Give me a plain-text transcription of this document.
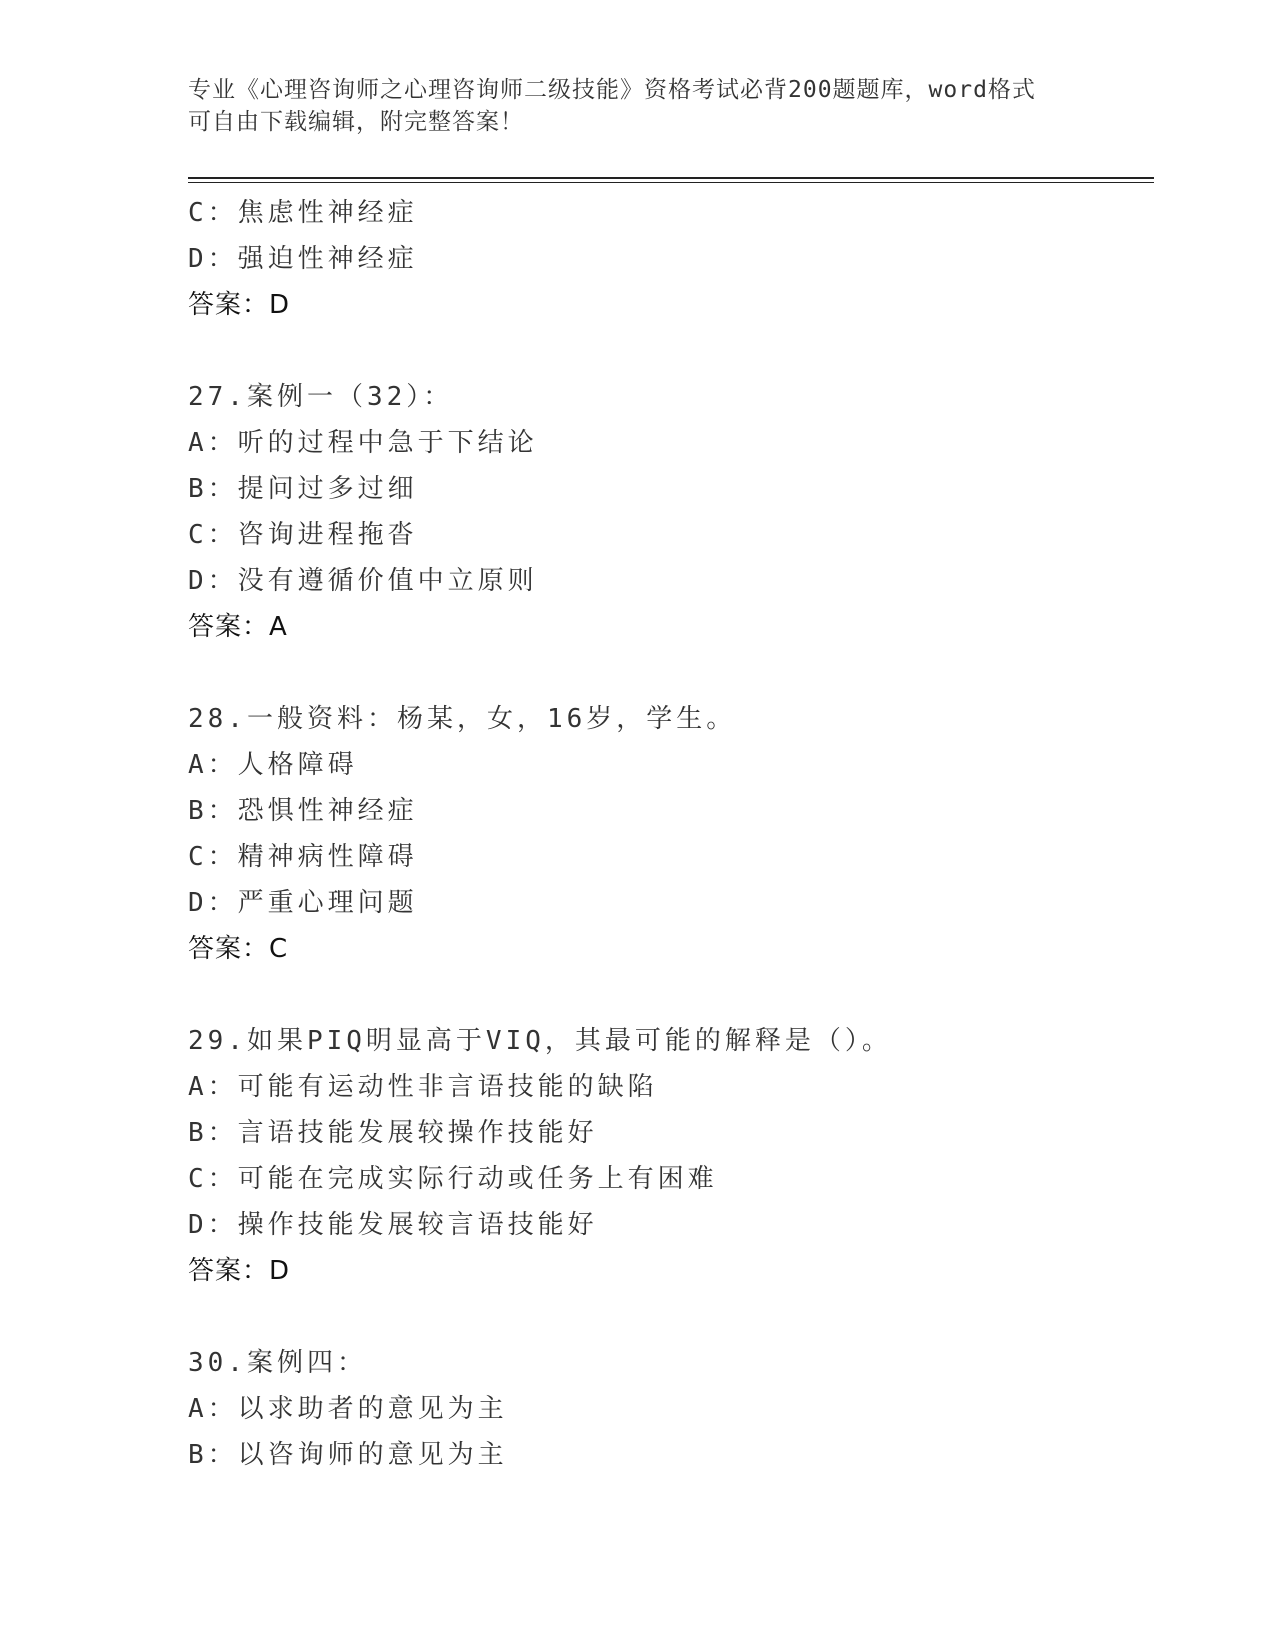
专业《心理咨询师之心理咨询师二级技能》资格考试必背200题题库，word格式
可自由下载编辑，附完整答案！
C：焦虑性神经症
D：强迫性神经症
答案：D
27.案例一（32）：
A：听的过程中急于下结论
B：提问过多过细
C：咨询进程拖沓
D：没有遵循价值中立原则
答案：A
28.一般资料：杨某，女，16岁，学生。
A：人格障碍
B：恐惧性神经症
C：精神病性障碍
D：严重心理问题
答案：C
29.如果PIQ明显高于VIQ，其最可能的解释是（）。
A：可能有运动性非言语技能的缺陷
B：言语技能发展较操作技能好
C：可能在完成实际行动或任务上有困难
D：操作技能发展较言语技能好
答案：D
30.案例四：
A：以求助者的意见为主
B：以咨询师的意见为主
